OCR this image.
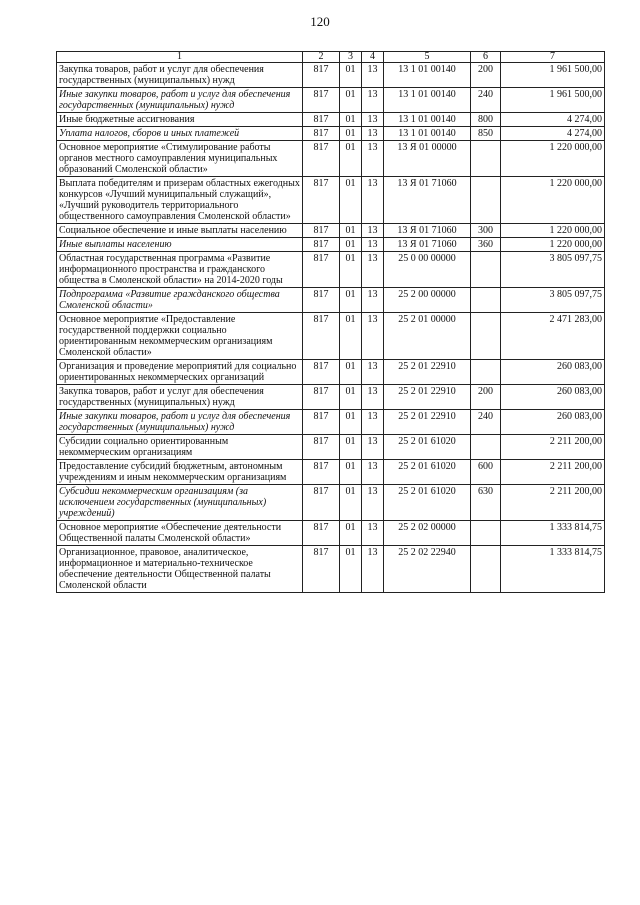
120
1	2	3	4	5	6	7
Закупка товаров, работ и услуг для обеспечения государственных (муниципальных) нужд	817	01	13	13 1 01 00140	200	1 961 500,00
Иные закупки товаров, работ и услуг для обеспечения государственных (муниципальных) нужд	817	01	13	13 1 01 00140	240	1 961 500,00
Иные бюджетные ассигнования	817	01	13	13 1 01 00140	800	4 274,00
Уплата налогов, сборов и иных платежей	817	01	13	13 1 01 00140	850	4 274,00
Основное мероприятие «Стимулирование работы органов местного самоуправления муниципальных образований Смоленской области»	817	01	13	13 Я 01 00000		1 220 000,00
Выплата победителям и призерам областных ежегодных конкурсов «Лучший муниципальный служащий», «Лучший руководитель территориального общественного самоуправления Смоленской области»	817	01	13	13 Я 01 71060		1 220 000,00
Социальное обеспечение и иные выплаты населению	817	01	13	13 Я 01 71060	300	1 220 000,00
Иные выплаты населению	817	01	13	13 Я 01 71060	360	1 220 000,00
Областная государственная программа «Развитие информационного пространства и гражданского общества в Смоленской области» на 2014-2020 годы	817	01	13	25 0 00 00000		3 805 097,75
Подпрограмма «Развитие гражданского общества Смоленской области»	817	01	13	25 2 00 00000		3 805 097,75
Основное мероприятие «Предоставление государственной поддержки социально ориентированным некоммерческим организациям Смоленской области»	817	01	13	25 2 01 00000		2 471 283,00
Организация и проведение мероприятий для социально ориентированных некоммерческих организаций	817	01	13	25 2 01 22910		260 083,00
Закупка товаров, работ и услуг для обеспечения государственных (муниципальных) нужд	817	01	13	25 2 01 22910	200	260 083,00
Иные закупки товаров, работ и услуг для обеспечения государственных (муниципальных) нужд	817	01	13	25 2 01 22910	240	260 083,00
Субсидии социально ориентированным некоммерческим организациям	817	01	13	25 2 01 61020		2 211 200,00
Предоставление субсидий бюджетным, автономным учреждениям и иным некоммерческим организациям	817	01	13	25 2 01 61020	600	2 211 200,00
Субсидии некоммерческим организациям (за исключением государственных (муниципальных) учреждений)	817	01	13	25 2 01 61020	630	2 211 200,00
Основное мероприятие «Обеспечение деятельности Общественной палаты Смоленской области»	817	01	13	25 2 02 00000		1 333 814,75
Организационное, правовое, аналитическое, информационное и материально-техническое обеспечение деятельности Общественной палаты Смоленской области	817	01	13	25 2 02 22940		1 333 814,75
